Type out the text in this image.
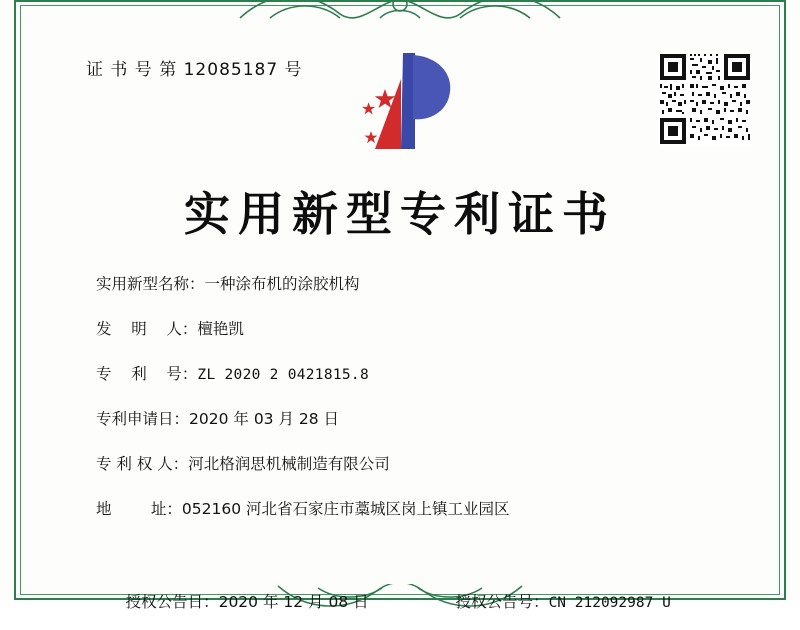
证 书 号 第 12085187 号
实用新型专利证书
实用新型名称： 一种涂布机的涂胶机构
发    明    人： 檀艳凯
专    利    号： ZL 2020 2 0421815.8
专利申请日： 2020 年 03 月 28 日
专 利 权 人： 河北格润思机械制造有限公司
地        址： 052160 河北省石家庄市藁城区岗上镇工业园区

授权公告日：2020 年 12 月 08 日
	授权公告号：CN 212092987 U
